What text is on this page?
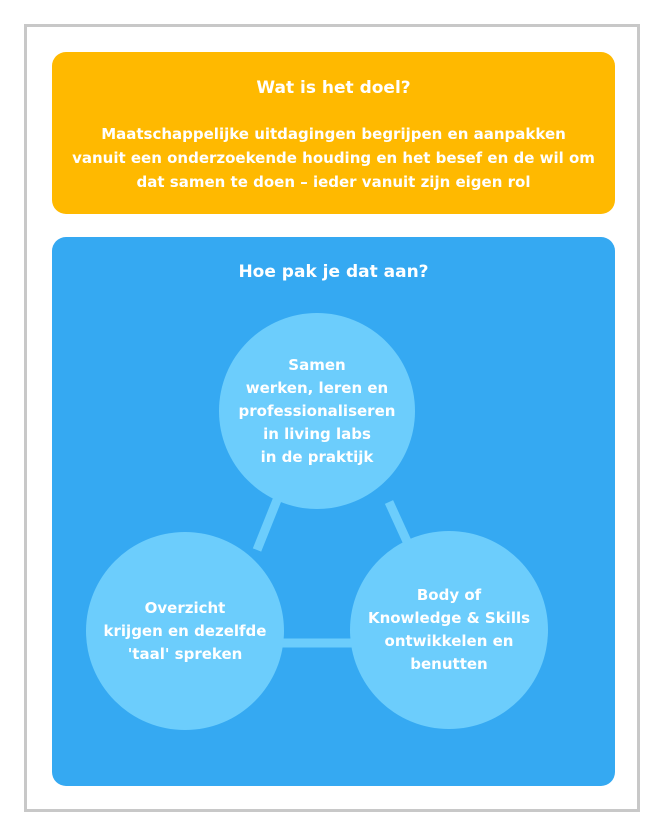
Wat is het doel?
Maatschappelijke uitdagingen begrijpen en aanpakken vanuit een onderzoekende houding en het besef en de wil om dat samen te doen – ieder vanuit zijn eigen rol
Hoe pak je dat aan?
Samen
werken, leren en
professionaliseren
in living labs
in de praktijk
Overzicht
krijgen en dezelfde
'taal' spreken
Body of
Knowledge & Skills
ontwikkelen en
benutten
